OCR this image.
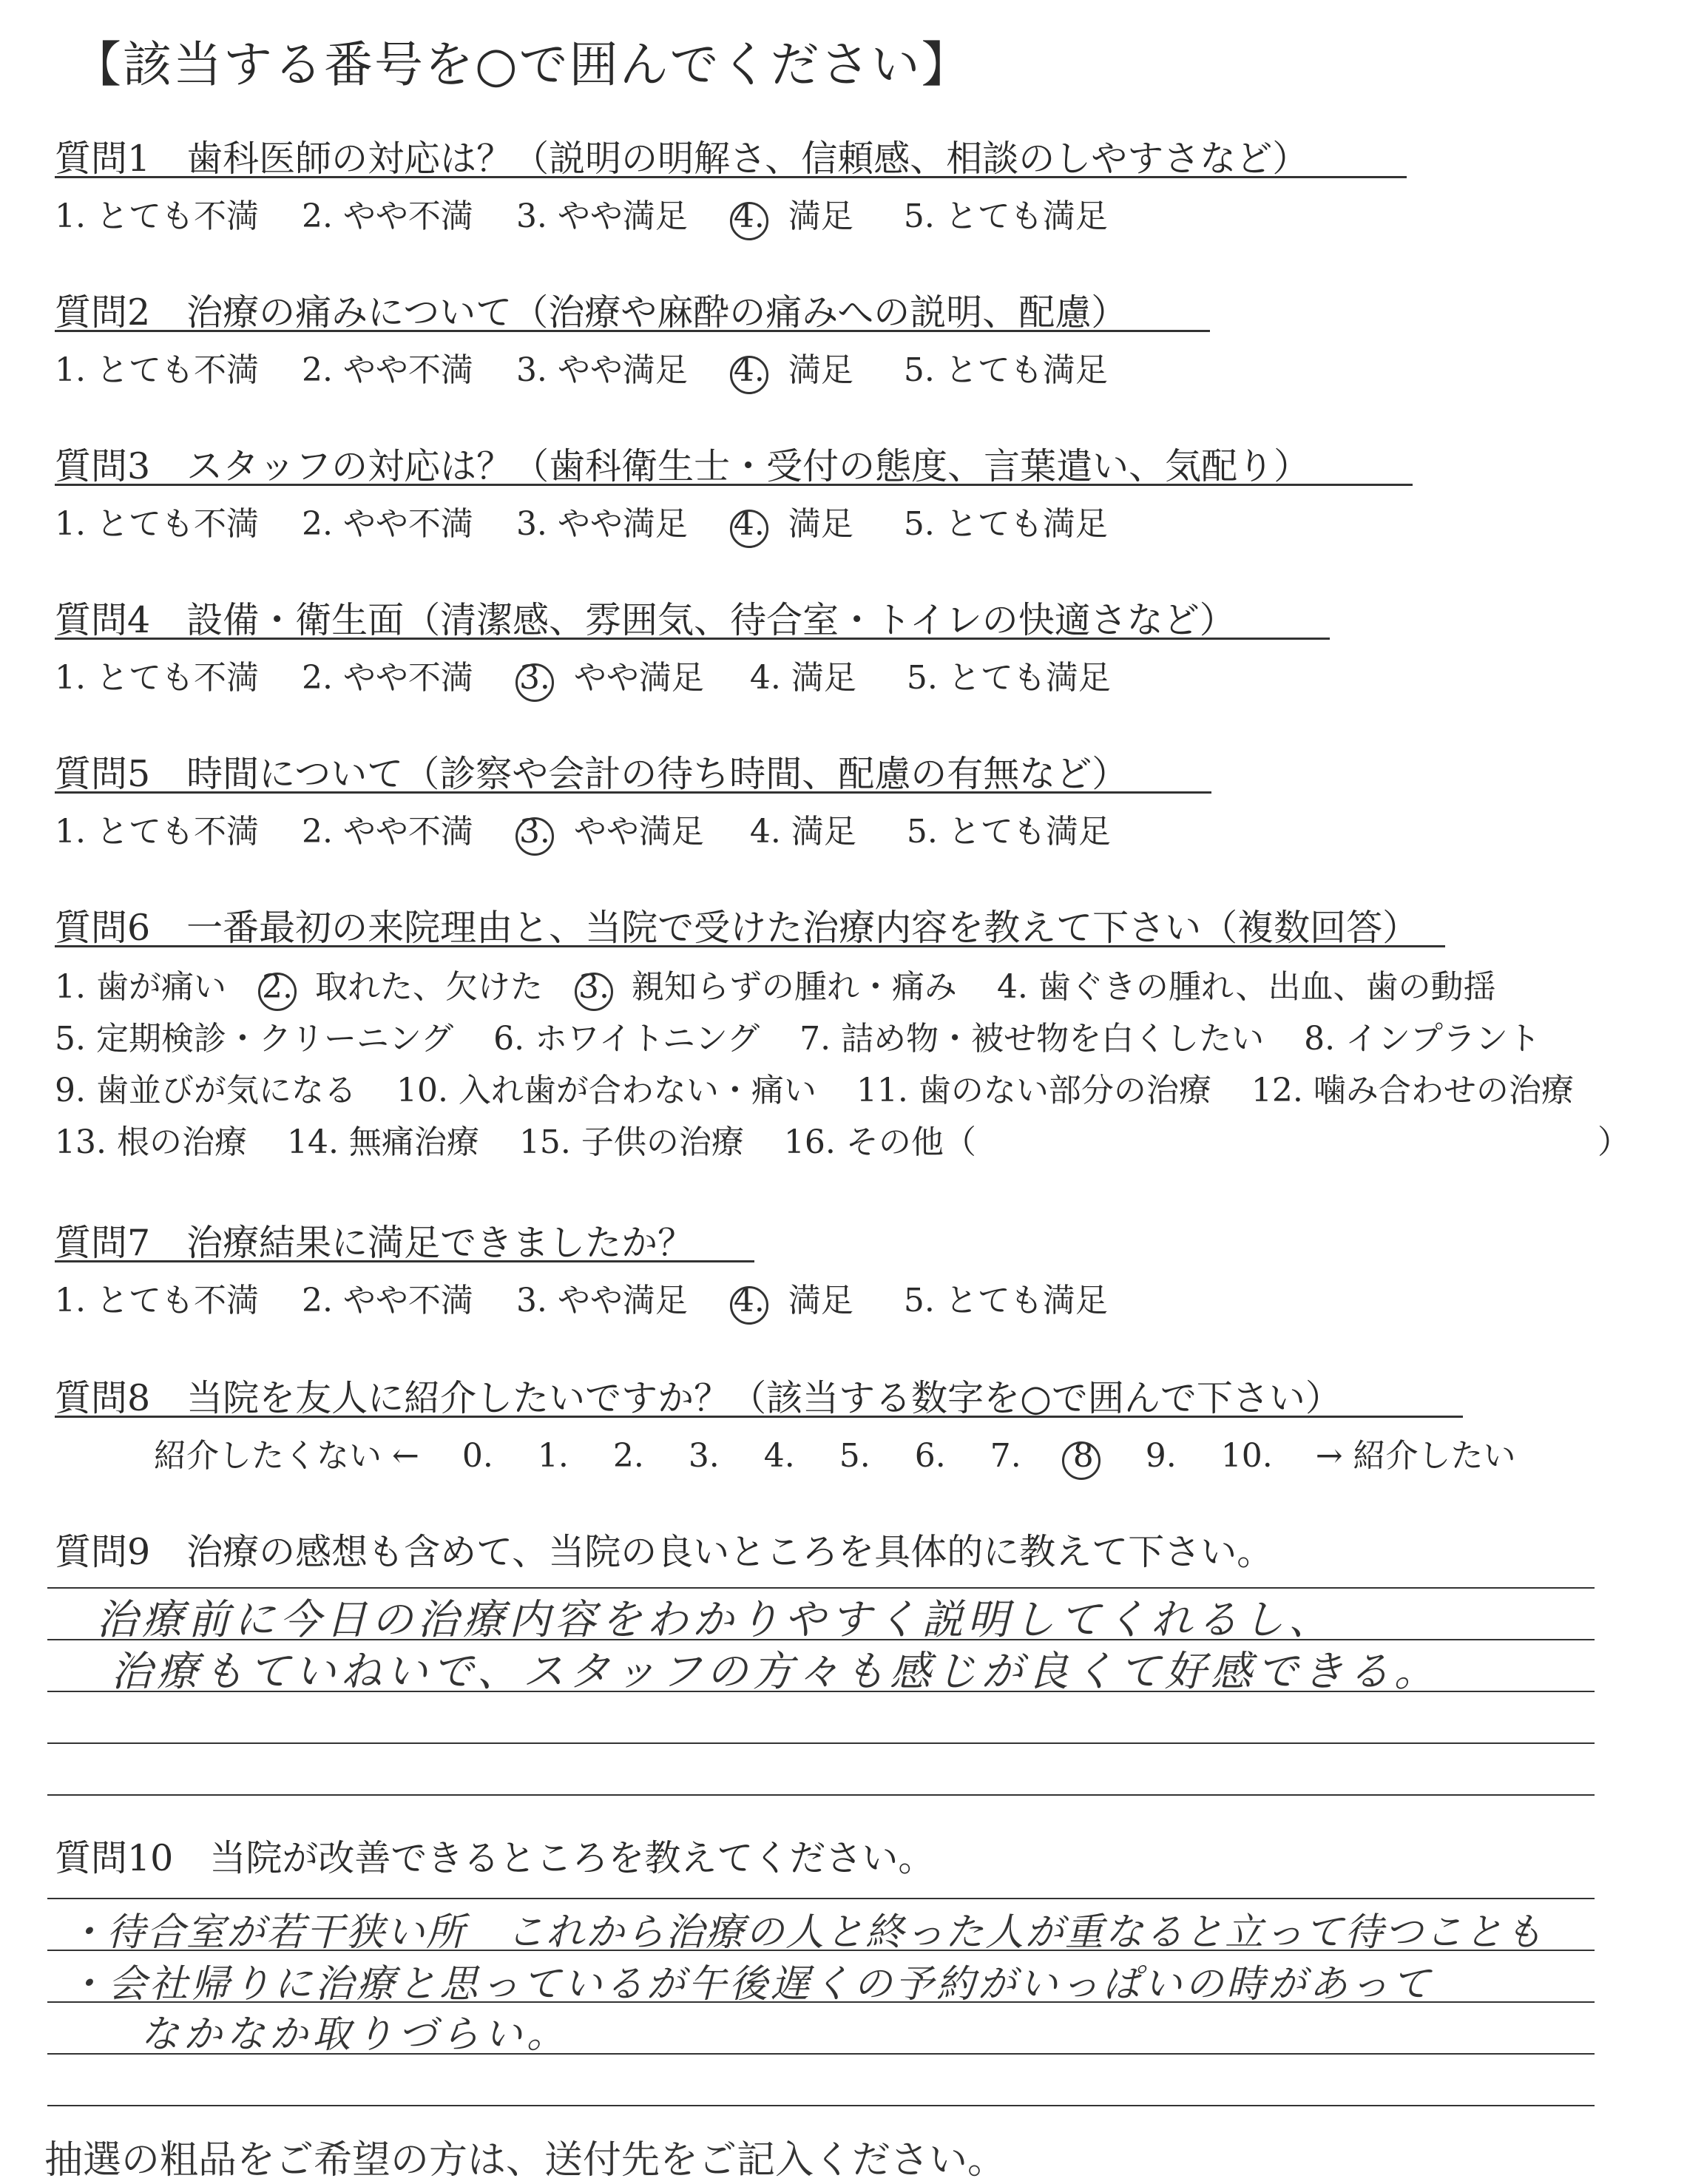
【該当する番号を○で囲んでください】
質問1　歯科医師の対応は？（説明の明解さ、信頼感、相談のしやすさなど）
1. とても不満 2. やや不満 3. やや満足 4. 満足 5. とても満足
質問2　治療の痛みについて（治療や麻酔の痛みへの説明、配慮）
1. とても不満 2. やや不満 3. やや満足 4. 満足 5. とても満足
質問3　スタッフの対応は？（歯科衛生士・受付の態度、言葉遣い、気配り）
1. とても不満 2. やや不満 3. やや満足 4. 満足 5. とても満足
質問4　設備・衛生面（清潔感、雰囲気、待合室・トイレの快適さなど）
1. とても不満 2. やや不満 3. やや満足 4. 満足 5. とても満足
質問5　時間について（診察や会計の待ち時間、配慮の有無など）
1. とても不満 2. やや不満 3. やや満足 4. 満足 5. とても満足
質問6　一番最初の来院理由と、当院で受けた治療内容を教えて下さい（複数回答）
1. 歯が痛い 2. 取れた、欠けた 3. 親知らずの腫れ・痛み 4. 歯ぐきの腫れ、出血、歯の動揺
5. 定期検診・クリーニング 6. ホワイトニング 7. 詰め物・被せ物を白くしたい 8. インプラント
9. 歯並びが気になる 10. 入れ歯が合わない・痛い 11. 歯のない部分の治療 12. 噛み合わせの治療
13. 根の治療 14. 無痛治療 15. 子供の治療 16. その他（	）
質問7　治療結果に満足できましたか？
1. とても不満 2. やや不満 3. やや満足 4. 満足 5. とても満足
質問8　当院を友人に紹介したいですか？（該当する数字を○で囲んで下さい）
紹介したくない ← 0. 1. 2. 3. 4. 5. 6. 7. 8 9. 10. → 紹介したい
質問9　治療の感想も含めて、当院の良いところを具体的に教えて下さい。
治療前に今日の治療内容をわかりやすく説明してくれるし、
治療もていねいで、スタッフの方々も感じが良くて好感できる。
質問10　当院が改善できるところを教えてください。
・待合室が若干狭い所　これから治療の人と終った人が重なると立って待つことも
・会社帰りに治療と思っているが午後遅くの予約がいっぱいの時があって
なかなか取りづらい。
抽選の粗品をご希望の方は、送付先をご記入ください。
